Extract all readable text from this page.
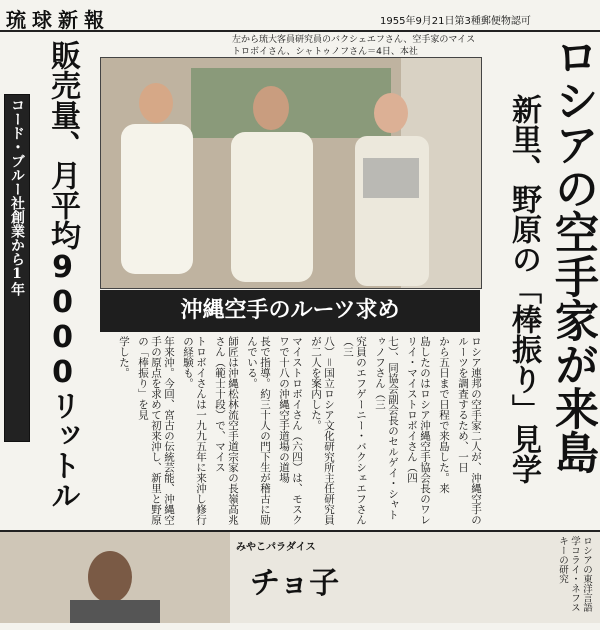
琉球新報	1955年9月21日第3種郵便物認可
ロシアの空手家が来島
新里、野原の「棒振り」見学
販売量、月平均9000リットル
コード・ブルー社創業から1年
左から琉大客員研究員のバクシェエフさん、空手家のマイストロボイさん、シャトゥノフさん＝4日、本社
沖縄空手のルーツ求め
ロシア連邦の空手家二人が、沖縄空手のルーツを調査するため、一日
から五日まで日程で来島した。来
島したのはロシア沖縄空手協会長のワレリイ・マイストロボイさん（四
七）、同協会副会長のセルゲイ・シャトゥノフさん（三
究員のエフゲーニー・バクシェエフさん（三
八）＝国立ロシア文化研究所主任研究員が二人を案内した。
マイストロボイさん（六四）は、モスクワで十八の沖縄空手道場の道場
長で指導。約三十人の門下生が稽古に励んでいる。
師匠は沖縄松林流空手道宗家の長嶺高兆さん（範士十段）で、マイス
トロボイさんは一九九五年に来沖し修行の経験も。
年来沖。今回、宮古の伝統芸能、沖縄空手の原点を求めて初来沖し、新里と野原の「棒振り」を見
学した。
みやこパラダイス
チョ子	ロシアの東洋言語学コライ・ネフスキーの研究
